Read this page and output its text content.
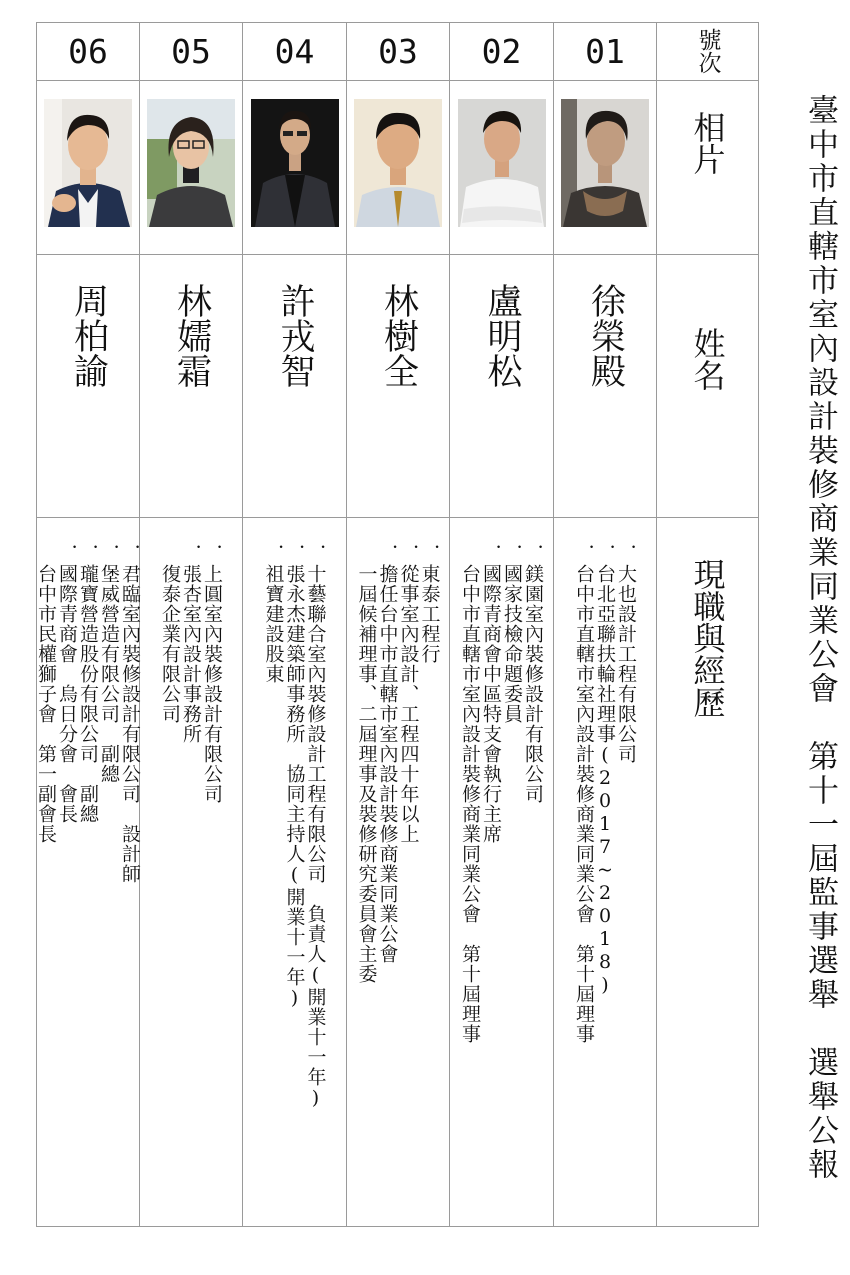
臺中市直轄市室內設計裝修商業同業公會　第十一屆監事選舉　選舉公報
06	05	04	03	02	01	號次

相片

周柏諭	林嬬霜	許戎智	林樹全	盧明松	徐榮殿	姓名

．君臨室內裝修設計有限公司　設計師
．堡威營造有限公司　副總
．瓏寶營造股份有限公司　副總
．國際青商會　烏日分會　會長
　台中市民權獅子會　第一副會長	．上圓室內裝修設計有限公司
．張杏室內設計事務所
　復泰企業有限公司	．十藝聯合室內裝修設計工程有限公司　負責人(開業十一年)
．張永杰建築師事務所　協同主持人(開業十一年)
．祖寶建設股東	．東泰工程行
．從事室內設計、工程四十年以上
．擔任台中市直轄市室內設計裝修商業同業公會
　一屆候補理事、二屆理事及裝修研究委員會主委	．鎂園室內裝修設計有限公司
．國家技檢命題委員
．國際青商會中區特支會執行主席
　台中市直轄市室內設計裝修商業同業公會　第十屆理事	．大也設計工程有限公司
．台北亞聯扶輪社理事(2017~2018)
．台中市直轄市室內設計裝修商業同業公會　第十屆理事	現職與經歷
